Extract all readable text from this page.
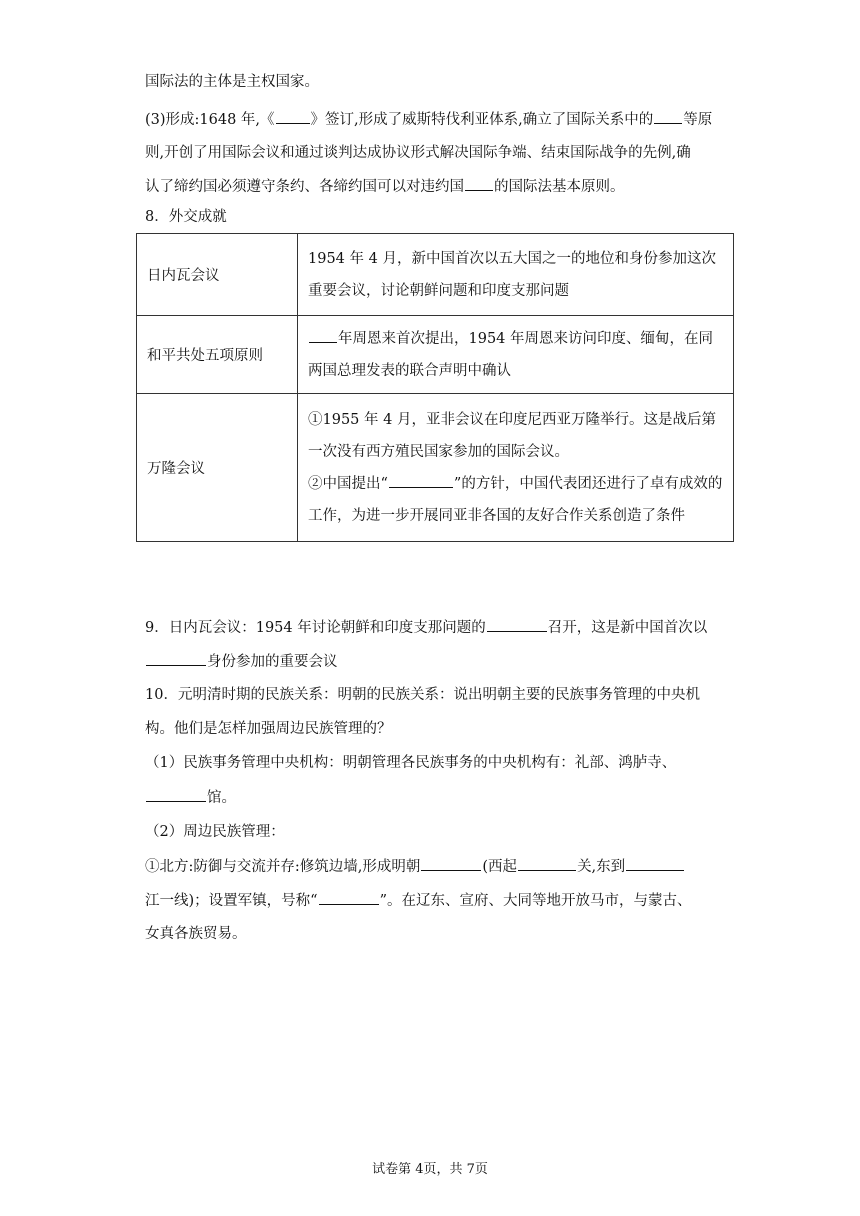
国际法的主体是主权国家。
(3)形成:1648 年,《 》签订,形成了威斯特伐利亚体系,确立了国际关系中的 等原
则,开创了用国际会议和通过谈判达成协议形式解决国际争端、结束国际战争的先例,确
认了缔约国必须遵守条约、各缔约国可以对违约国 的国际法基本原则。
8．外交成就
日内瓦会议	1954 年 4 月，新中国首次以五大国之一的地位和身份参加这次
重要会议，讨论朝鲜问题和印度支那问题

和平共处五项原则	年周恩来首次提出，1954 年周恩来访问印度、缅甸，在同
两国总理发表的联合声明中确认

万隆会议	①1955 年 4 月，亚非会议在印度尼西亚万隆举行。这是战后第
一次没有西方殖民国家参加的国际会议。
②中国提出“ ”的方针，中国代表团还进行了卓有成效的
工作，为进一步开展同亚非各国的友好合作关系创造了条件
9．日内瓦会议：1954 年讨论朝鲜和印度支那问题的	召开，这是新中国首次以
身份参加的重要会议
10．元明清时期的民族关系：明朝的民族关系：说出明朝主要的民族事务管理的中央机
构。他们是怎样加强周边民族管理的？
（1）民族事务管理中央机构：明朝管理各民族事务的中央机构有：礼部、鸿胪寺、
馆。
（2）周边民族管理：
①北方:防御与交流并存:修筑边墙,形成明朝	(西起	关,东到
江一线)；设置军镇，号称“	”。在辽东、宣府、大同等地开放马市，与蒙古、
女真各族贸易。
试卷第 4页，共 7页
